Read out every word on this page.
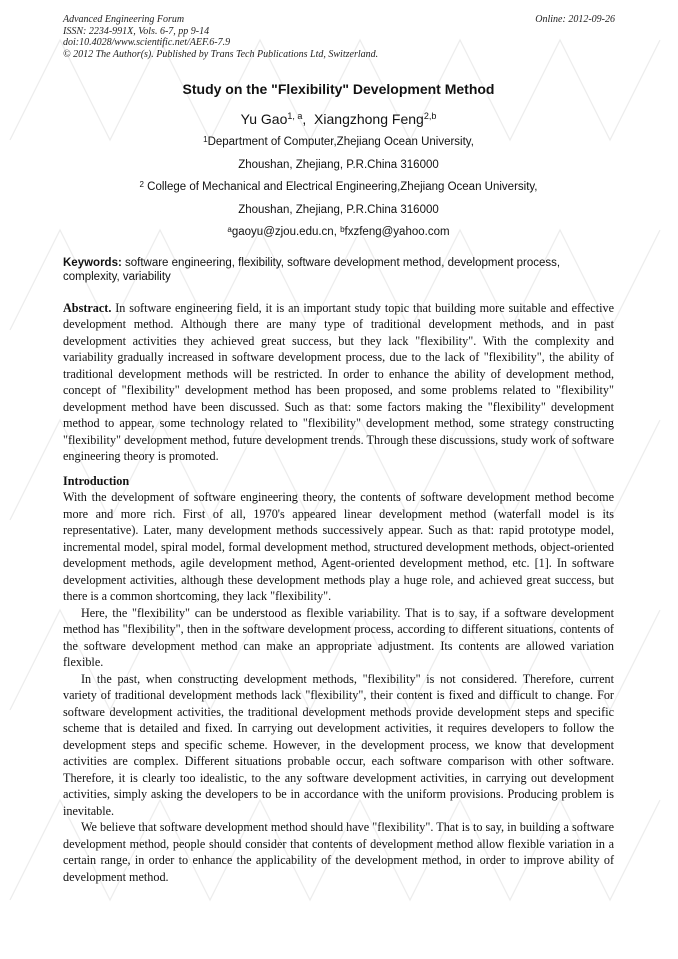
Advanced Engineering Forum
ISSN: 2234-991X, Vols. 6-7, pp 9-14
doi:10.4028/www.scientific.net/AEF.6-7.9
© 2012 The Author(s). Published by Trans Tech Publications Ltd, Switzerland.
Online: 2012-09-26
Study on the "Flexibility" Development Method
Yu Gao$^{1, a}$,  Xiangzhong Feng$^{2,b}$
$^1$Department of Computer,Zhejiang Ocean University,
Zhoushan, Zhejiang, P.R.China 316000
$^2$ College of Mechanical and Electrical Engineering,Zhejiang Ocean University,
Zhoushan, Zhejiang, P.R.China 316000
$^a$gaoyu@zjou.edu.cn, $^b$fxzfeng@yahoo.com
Keywords: software engineering, flexibility, software development method, development process, complexity, variability

Abstract. In software engineering field, it is an important study topic that building more suitable and effective development method. Although there are many type of traditional development methods, and in past development activities they achieved great success, but they lack "flexibility". With the complexity and variability gradually increased in software development process, due to the lack of "flexibility", the ability of traditional development methods will be restricted. In order to enhance the ability of development method, concept of "flexibility" development method has been proposed, and some problems related to "flexibility" development method have been discussed. Such as that: some factors making the "flexibility" development method to appear, some technology related to "flexibility" development method, some strategy constructing "flexibility" development method, future development trends. Through these discussions, study work of software engineering theory is promoted.

Introduction

With the development of software engineering theory, the contents of software development method become more and more rich. First of all, 1970's appeared linear development method (waterfall model is its representative). Later, many development methods successively appear. Such as that: rapid prototype model, incremental model, spiral model, formal development method, structured development methods, object-oriented development methods, agile development method, Agent-oriented development method, etc. [1]. In software development activities, although these development methods play a huge role, and achieved great success, but there is a common shortcoming, they lack "flexibility".

Here, the "flexibility" can be understood as flexible variability. That is to say, if a software development method has "flexibility", then in the software development process, according to different situations, contents of the software development method can make an appropriate adjustment. Its contents are allowed variation flexible.

In the past, when constructing development methods, "flexibility" is not considered. Therefore, current variety of traditional development methods lack "flexibility", their content is fixed and difficult to change. For software development activities, the traditional development methods provide development steps and specific scheme that is detailed and fixed. In carrying out development activities, it requires developers to follow the development steps and specific scheme. However, in the development process, we know that development activities are complex. Different situations probable occur, each software comparison with other software. Therefore, it is clearly too idealistic, to the any software development activities, in carrying out development activities, simply asking the developers to be in accordance with the uniform provisions. Producing problem is inevitable.

We believe that software development method should have "flexibility". That is to say, in building a software development method, people should consider that contents of development method allow flexible variation in a certain range, in order to enhance the applicability of the development method, in order to improve ability of development method.
